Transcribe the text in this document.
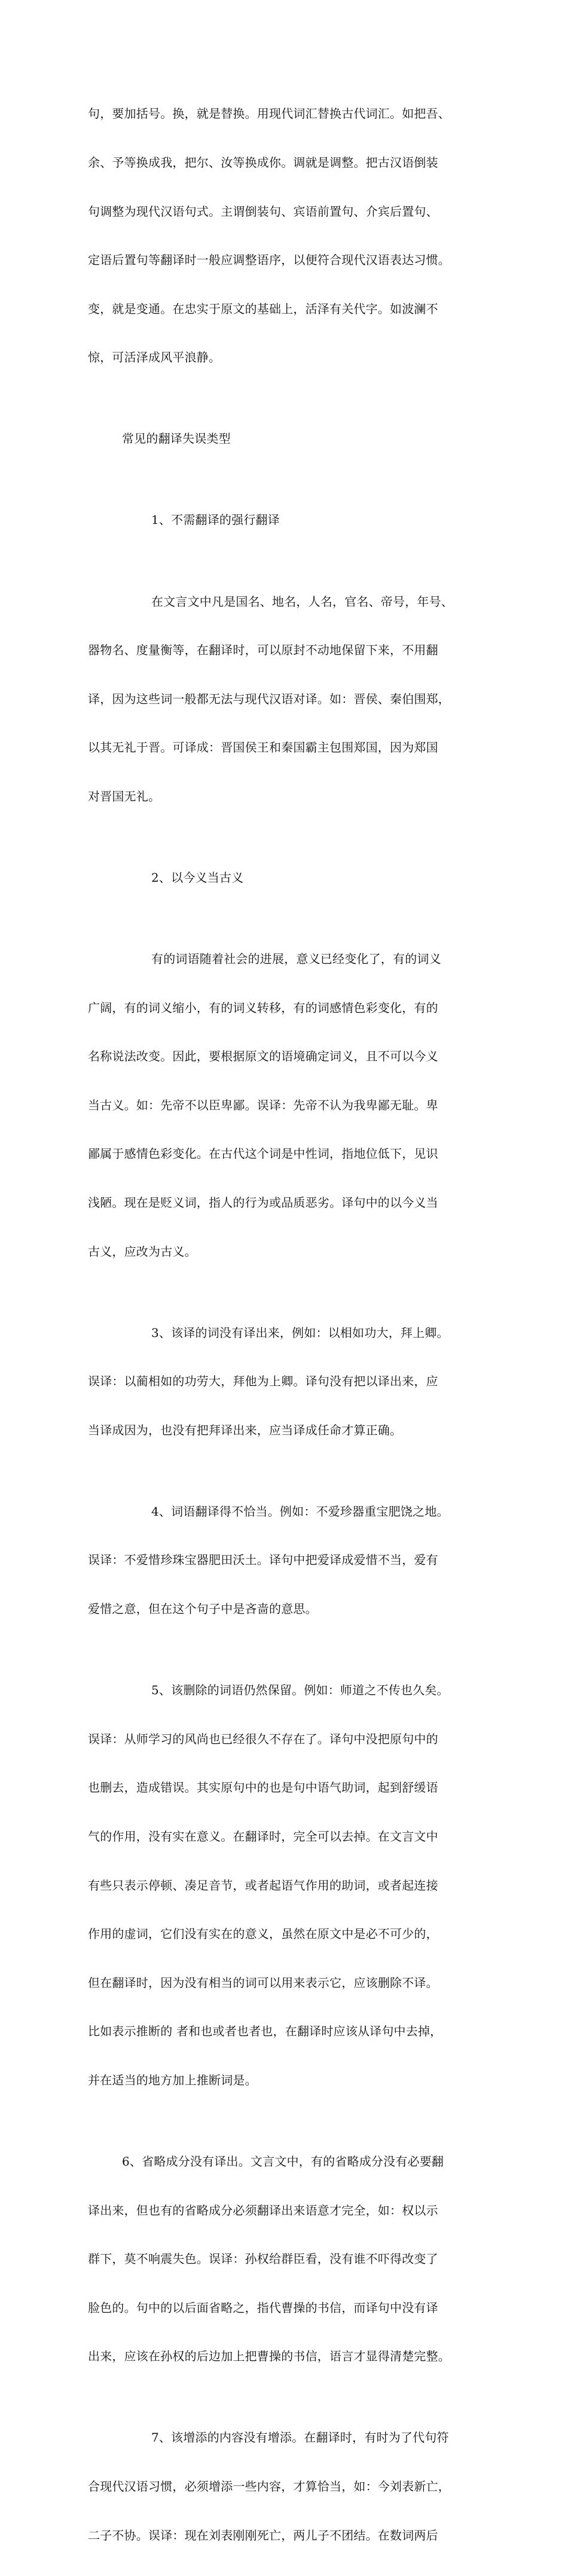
句，要加括号。换，就是替换。用现代词汇替换古代词汇。如把吾、

余、予等换成我，把尔、汝等换成你。调就是调整。把古汉语倒装

句调整为现代汉语句式。主谓倒装句、宾语前置句、介宾后置句、

定语后置句等翻译时一般应调整语序，以便符合现代汉语表达习惯。

变，就是变通。在忠实于原文的基础上，活泽有关代字。如波澜不

惊，可活泽成风平浪静。

常见的翻译失误类型

1、不需翻译的强行翻译

在文言文中凡是国名、地名，人名，官名、帝号，年号、

器物名、度量衡等，在翻译时，可以原封不动地保留下来，不用翻

译，因为这些词一般都无法与现代汉语对译。如：晋侯、秦伯围郑，

以其无礼于晋。可译成：晋国侯王和秦国霸主包围郑国，因为郑国

对晋国无礼。

2、以今义当古义

有的词语随着社会的进展，意义已经变化了，有的词义

广阔，有的词义缩小，有的词义转移，有的词感情色彩变化，有的

名称说法改变。因此，要根据原文的语境确定词义，且不可以今义

当古义。如：先帝不以臣卑鄙。误译：先帝不认为我卑鄙无耻。卑

鄙属于感情色彩变化。在古代这个词是中性词，指地位低下，见识

浅陋。现在是贬义词，指人的行为或品质恶劣。译句中的以今义当

古义，应改为古义。

3、该译的词没有译出来，例如：以相如功大，拜上卿。

误译：以蔺相如的功劳大，拜他为上卿。译句没有把以译出来，应

当译成因为，也没有把拜译出来，应当译成任命才算正确。

4、词语翻译得不恰当。例如：不爱珍器重宝肥饶之地。

误译：不爱惜珍珠宝器肥田沃土。译句中把爱译成爱惜不当，爱有

爱惜之意，但在这个句子中是吝啬的意思。

5、该删除的词语仍然保留。例如：师道之不传也久矣。

误译：从师学习的风尚也已经很久不存在了。译句中没把原句中的

也删去，造成错误。其实原句中的也是句中语气助词，起到舒缓语

气的作用，没有实在意义。在翻译时，完全可以去掉。在文言文中

有些只表示停顿、凑足音节，或者起语气作用的助词，或者起连接

作用的虚词，它们没有实在的意义，虽然在原文中是必不可少的，

但在翻译时，因为没有相当的词可以用来表示它，应该删除不译。

比如表示推断的 者和也或者也者也，在翻译时应该从译句中去掉，

并在适当的地方加上推断词是。

6、省略成分没有译出。文言文中，有的省略成分没有必要翻

译出来，但也有的省略成分必须翻译出来语意才完全，如：权以示

群下，莫不响震失色。误译：孙权给群臣看，没有谁不吓得改变了

脸色的。句中的以后面省略之，指代曹操的书信，而译句中没有译

出来，应该在孙权的后边加上把曹操的书信，语言才显得清楚完整。

7、该增添的内容没有增添。在翻译时，有时为了代句符

合现代汉语习惯，必须增添一些内容，才算恰当，如：今刘表新亡，

二子不协。误译：现在刘表刚刚死亡，两儿子不团结。在数词两后
